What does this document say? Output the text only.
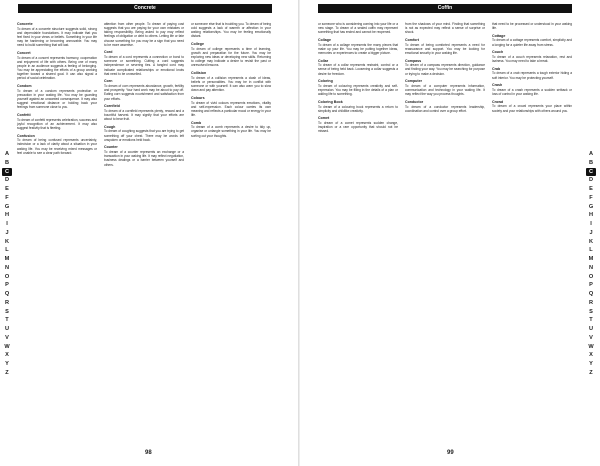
Concrete
Concrete
To dream of a concrete structure suggests solid, strong and dependable foundations. It may indicate that you feel fixed in your views or beliefs. Something in your life may be hardening or becoming unmovable. You may need to build something that will last.
Concert
To dream of a concert represents harmony, cooperation and enjoyment of life with others. Being one of many people in an audience suggests a feeling of belonging. You may be appreciating the efforts of a group working together toward a shared goal. It can also signal a period of social celebration.
Condom
To dream of a condom represents protection or precaution in your waking life. You may be guarding yourself against an unwanted consequence. It may also suggest emotional distance or holding back your feelings from someone close to you.
Confetti
To dream of confetti represents celebration, success and joyful recognition of an achievement. It may also suggest festivity that is fleeting.
Confusion
To dream of being confused represents uncertainty, indecision or a lack of clarity about a situation in your waking life. You may be receiving mixed messages or feel unable to see a clear path forward.
attention from other people. To dream of paying cost suggests that you are paying for your own mistakes or taking responsibility. Being asked to pay may reflect feelings of obligation or debt to others. Letting life or fate choose something for you may be a sign that you need to be more assertive.
Cord
To dream of a cord represents a connection or bond to someone or something. Cutting a cord suggests independence or severing ties. A tangled cord may indicate complicated relationships or emotional knots that need to be unravelled.
Corn
To dream of corn represents abundance, growth, fertility and prosperity. Your hard work may be about to pay off. Eating corn suggests nourishment and satisfaction from your efforts.
Cornfield
To dream of a cornfield represents plenty, reward and a bountiful harvest. It may signify that your efforts are about to bear fruit.
Cough
To dream of coughing suggests that you are trying to get something off your chest. There may be words left unspoken or emotions held back.
Counter
To dream of a counter represents an exchange or a transaction in your waking life. It may reflect negotiation, business dealings or a barrier between yourself and others.
or someone else that is troubling you. To dream of being cold suggests a lack of warmth or affection in your waking relationships. You may be feeling emotionally distant.
College
To dream of college represents a time of learning, growth and preparation for the future. You may be exploring new ideas or developing new skills. Returning to college may indicate a desire to revisit the past or unresolved lessons.
Collision
To dream of a collision represents a clash of ideas, beliefs or personalities. You may be in conflict with someone or with yourself. It can also warn you to slow down and pay attention.
Colours
To dream of vivid colours represents emotions, vitality and self-expression. Each colour carries its own meaning and reflects a particular mood or energy in your life.
Comb
To dream of a comb represents a desire to tidy up, organise or untangle something in your life. You may be sorting out your thoughts.
A
B
C
D
E
F
G
H
I
J
K
L
M
N
O
P
Q
R
S
T
U
V
W
X
Y
Z
98
Coffin
or someone who is considering coming into your life or a new stage. To dream of a sealed coffin may represent something that has ended and cannot be reopened.
Collage
To dream of a collage represents the many pieces that make up your life. You may be putting together ideas, memories or experiences to create a bigger picture.
Collar
To dream of a collar represents restraint, control or a sense of being held back. Loosening a collar suggests a desire for freedom.
Coloring
To dream of colouring represents creativity and self-expression. You may be filling in the details of a plan or adding life to something.
Coloring Book
To dream of a colouring book represents a return to simplicity and childlike creativity.
Comet
To dream of a comet represents sudden change, inspiration or a rare opportunity that should not be missed.
from the shadows of your mind. Finding that something is not as expected may reflect a sense of surprise or shock.
Comfort
To dream of being comforted represents a need for reassurance and support. You may be looking for emotional security in your waking life.
Compass
To dream of a compass represents direction, guidance and finding your way. You may be searching for purpose or trying to make a decision.
Computer
To dream of a computer represents information, communication and technology in your waking life. It may reflect the way you process thoughts.
Conductor
To dream of a conductor represents leadership, coordination and control over a group effort.
that need to be processed or understood in your waking life.
Cottage
To dream of a cottage represents comfort, simplicity and a longing for a quieter life away from stress.
Couch
To dream of a couch represents relaxation, rest and laziness. You may need to take a break.
Crab
To dream of a crab represents a tough exterior hiding a soft interior. You may be protecting yourself.
Crash
To dream of a crash represents a sudden setback or loss of control in your waking life.
Crowd
To dream of a crowd represents your place within society and your relationships with others around you.
A
B
C
D
E
F
G
H
I
J
K
L
M
N
O
P
Q
R
S
T
U
V
W
X
Y
Z
99
